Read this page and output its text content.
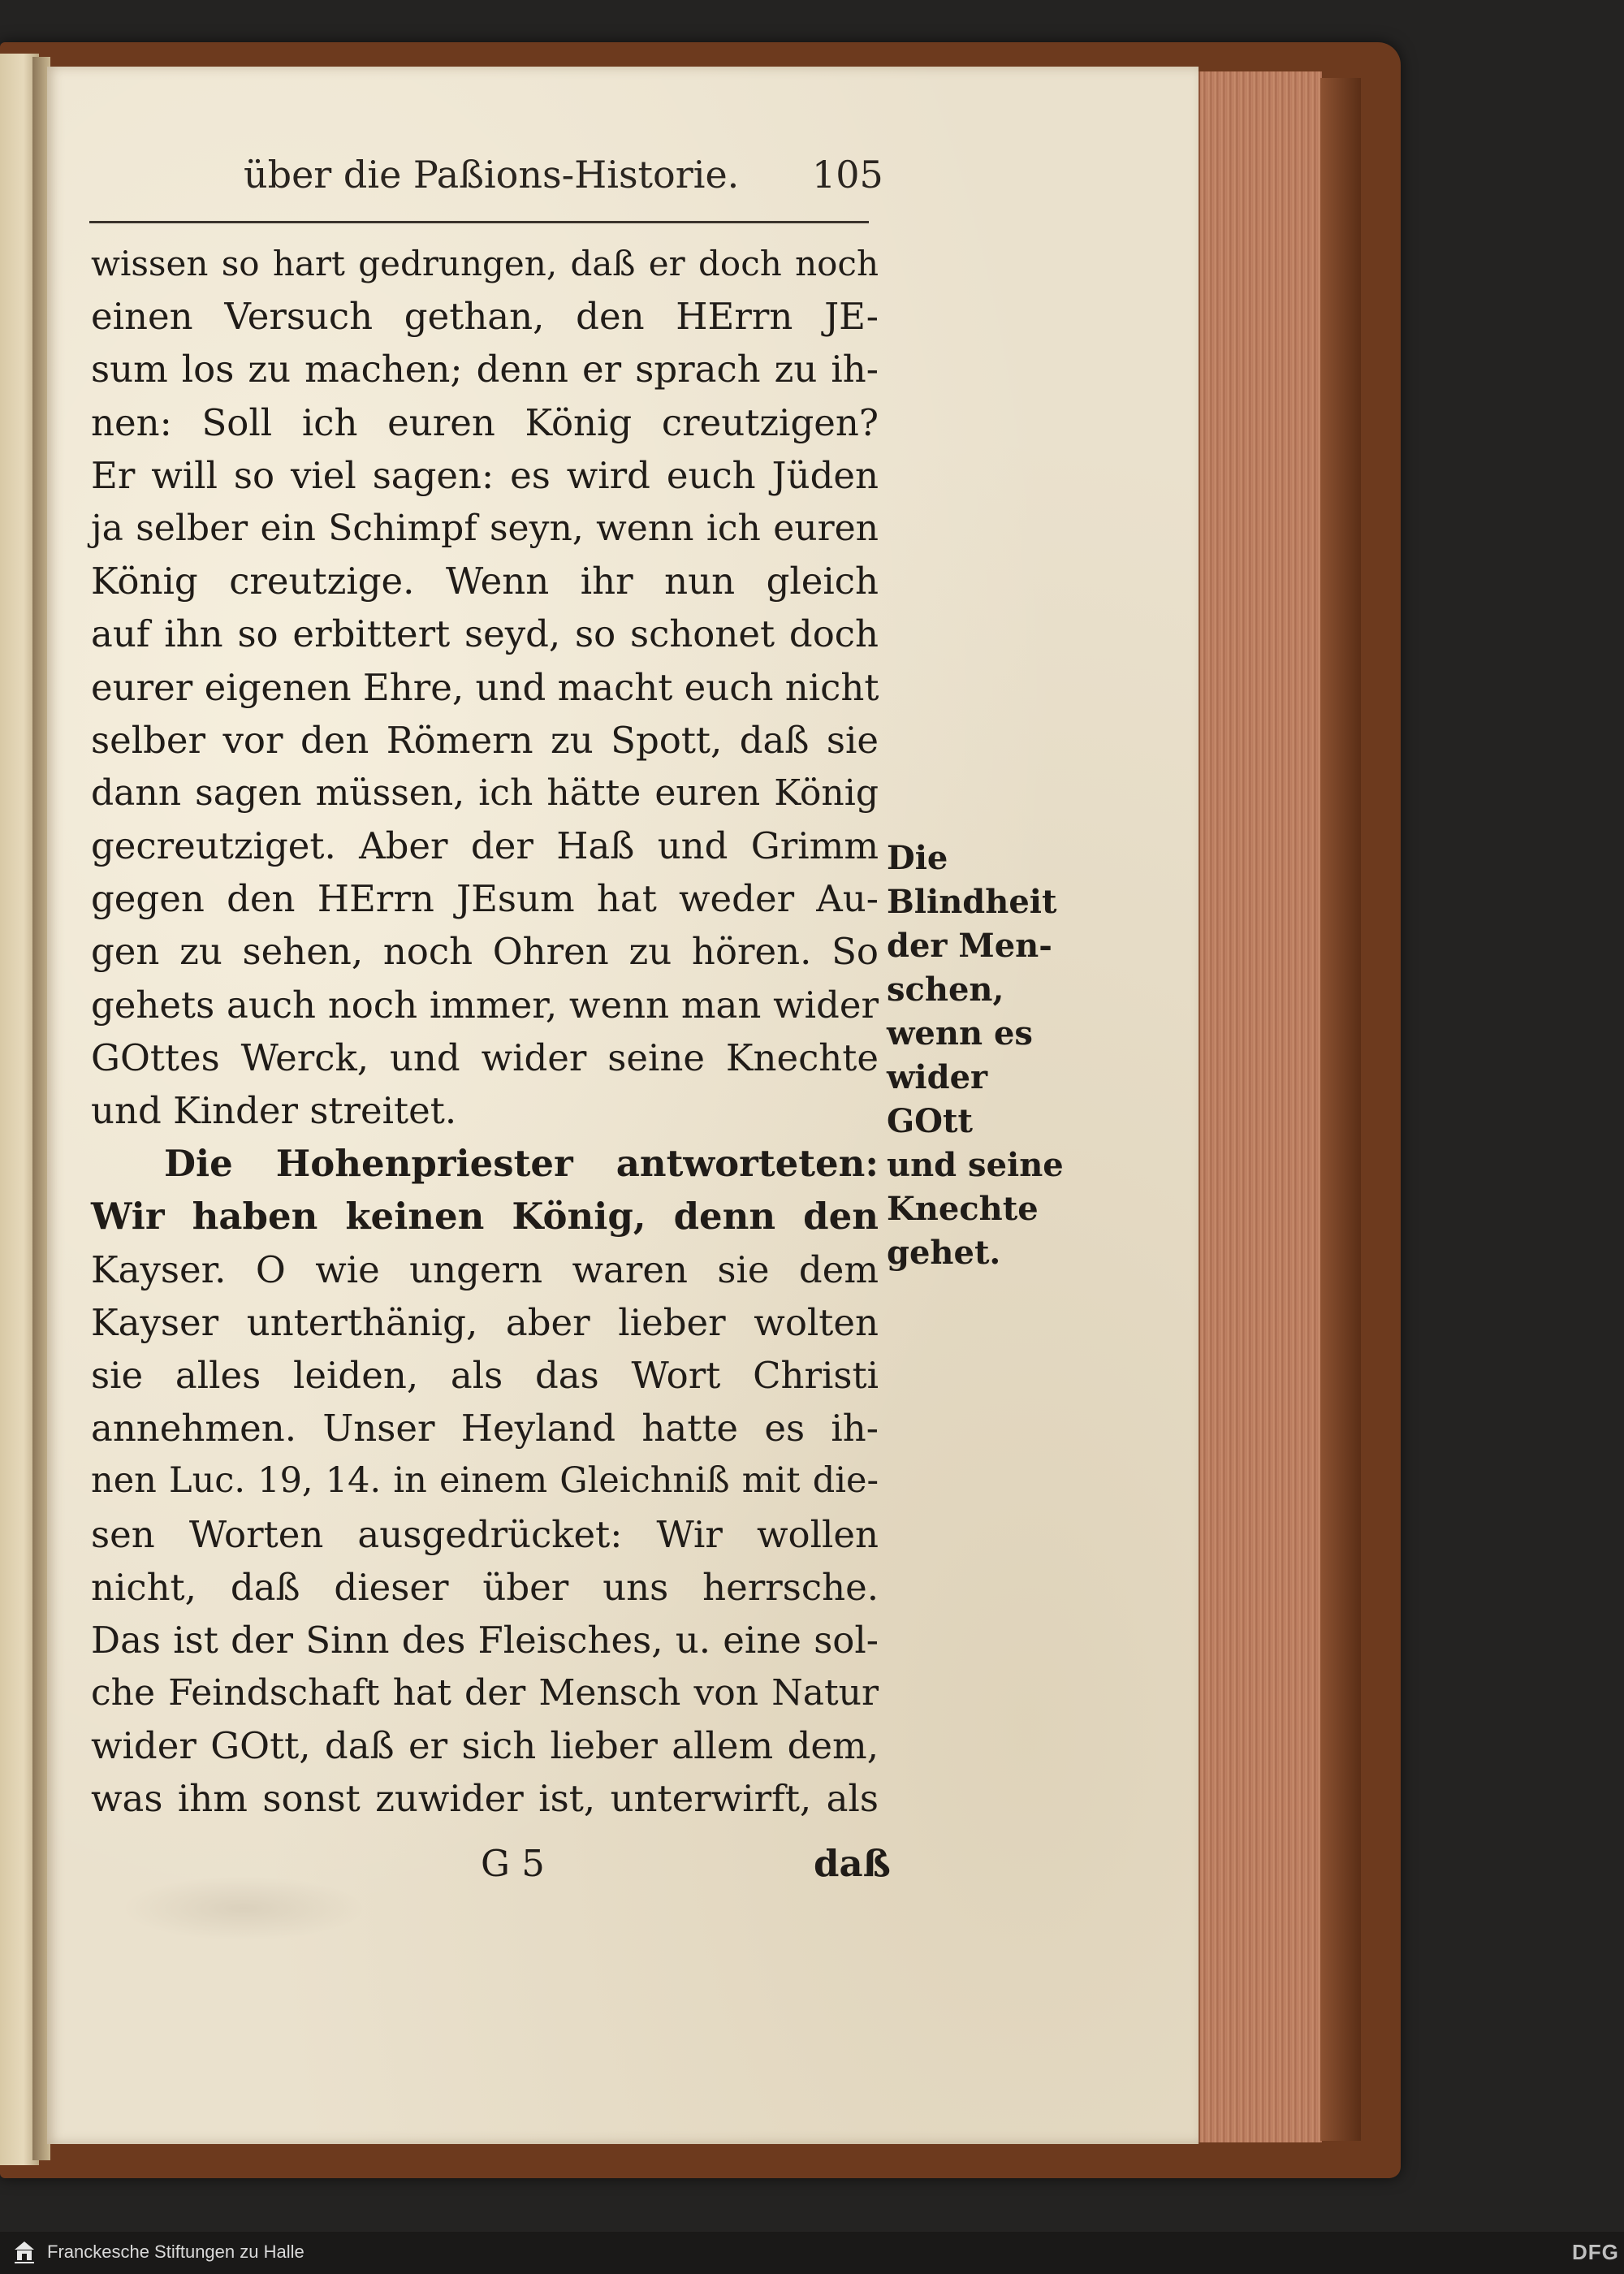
über die Paßions-Historie.	105
wissen so hart gedrungen, daß er doch noch
einen Versuch gethan, den HErrn JE-
sum los zu machen; denn er sprach zu ih-
nen: Soll ich euren König creutzigen?
Er will so viel sagen: es wird euch Jüden
ja selber ein Schimpf seyn, wenn ich euren
König creutzige. Wenn ihr nun gleich
auf ihn so erbittert seyd, so schonet doch
eurer eigenen Ehre, und macht euch nicht
selber vor den Römern zu Spott, daß sie
dann sagen müssen, ich hätte euren König
gecreutziget. Aber der Haß und Grimm
gegen den HErrn JEsum hat weder Au-
gen zu sehen, noch Ohren zu hören. So
gehets auch noch immer, wenn man wider
GOttes Werck, und wider seine Knechte
und Kinder streitet.
Die Hohenpriester antworteten:
Wir haben keinen König, denn den
Kayser. O wie ungern waren sie dem
Kayser unterthänig, aber lieber wolten
sie alles leiden, als das Wort Christi
annehmen. Unser Heyland hatte es ih-
nen Luc. 19, 14. in einem Gleichniß mit die-
sen Worten ausgedrücket: Wir wollen
nicht, daß dieser über uns herrsche.
Das ist der Sinn des Fleisches, u. eine sol-
che Feindschaft hat der Mensch von Natur
wider GOtt, daß er sich lieber allem dem,
was ihm sonst zuwider ist, unterwirft, als
Die
Blindheit
der Men-
schen,
wenn es
wider
GOtt
und seine
Knechte
gehet.
G 5	daß
Franckesche Stiftungen zu Halle	DFG
